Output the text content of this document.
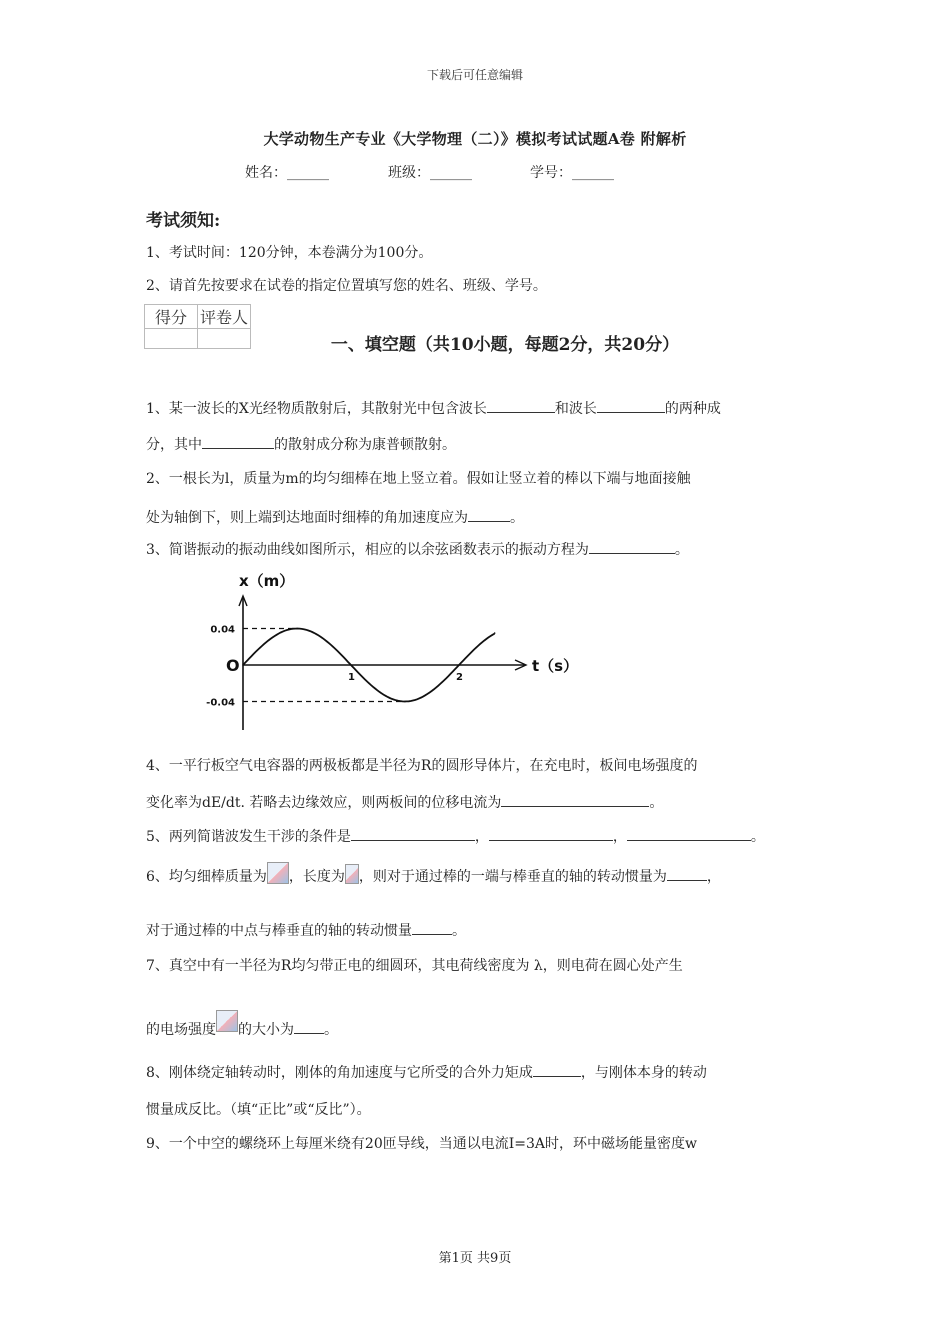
下载后可任意编辑
大学动物生产专业《大学物理（二）》模拟考试试题A卷 附解析
姓名：______	班级：______	学号：______
考试须知:
1、考试时间：120分钟，本卷满分为100分。
2、请首先按要求在试卷的指定位置填写您的姓名、班级、学号。
得分	评卷人

一、填空题（共10小题，每题2分，共20分）
1、某一波长的X光经物质散射后，其散射光中包含波长	和波长	的两种成
分，其中	的散射成分称为康普顿散射。
2、一根长为l，质量为m的均匀细棒在地上竖立着。假如让竖立着的棒以下端与地面接触
处为轴倒下，则上端到达地面时细棒的角加速度应为	。
3、简谐振动的振动曲线如图所示，相应的以余弦函数表示的振动方程为	。
x（m）
t（s）
O
0.04
-0.04
1	2
4、一平行板空气电容器的两极板都是半径为R的圆形导体片，在充电时，板间电场强度的
变化率为dE/dt. 若略去边缘效应，则两板间的位移电流为	。
5、两列简谐波发生干涉的条件是	，	，	。
6、均匀细棒质量为 ，长度为 ，则对于通过棒的一端与棒垂直的轴的转动惯量为	，
对于通过棒的中点与棒垂直的轴的转动惯量	。
7、真空中有一半径为R均匀带正电的细圆环，其电荷线密度为 λ，则电荷在圆心处产生
的电场强度 的大小为 。
8、刚体绕定轴转动时，刚体的角加速度与它所受的合外力矩成	，与刚体本身的转动
惯量成反比。（填“正比”或“反比”）。
9、一个中空的螺绕环上每厘米绕有20匝导线，当通以电流I=3A时，环中磁场能量密度w
第1页 共9页
